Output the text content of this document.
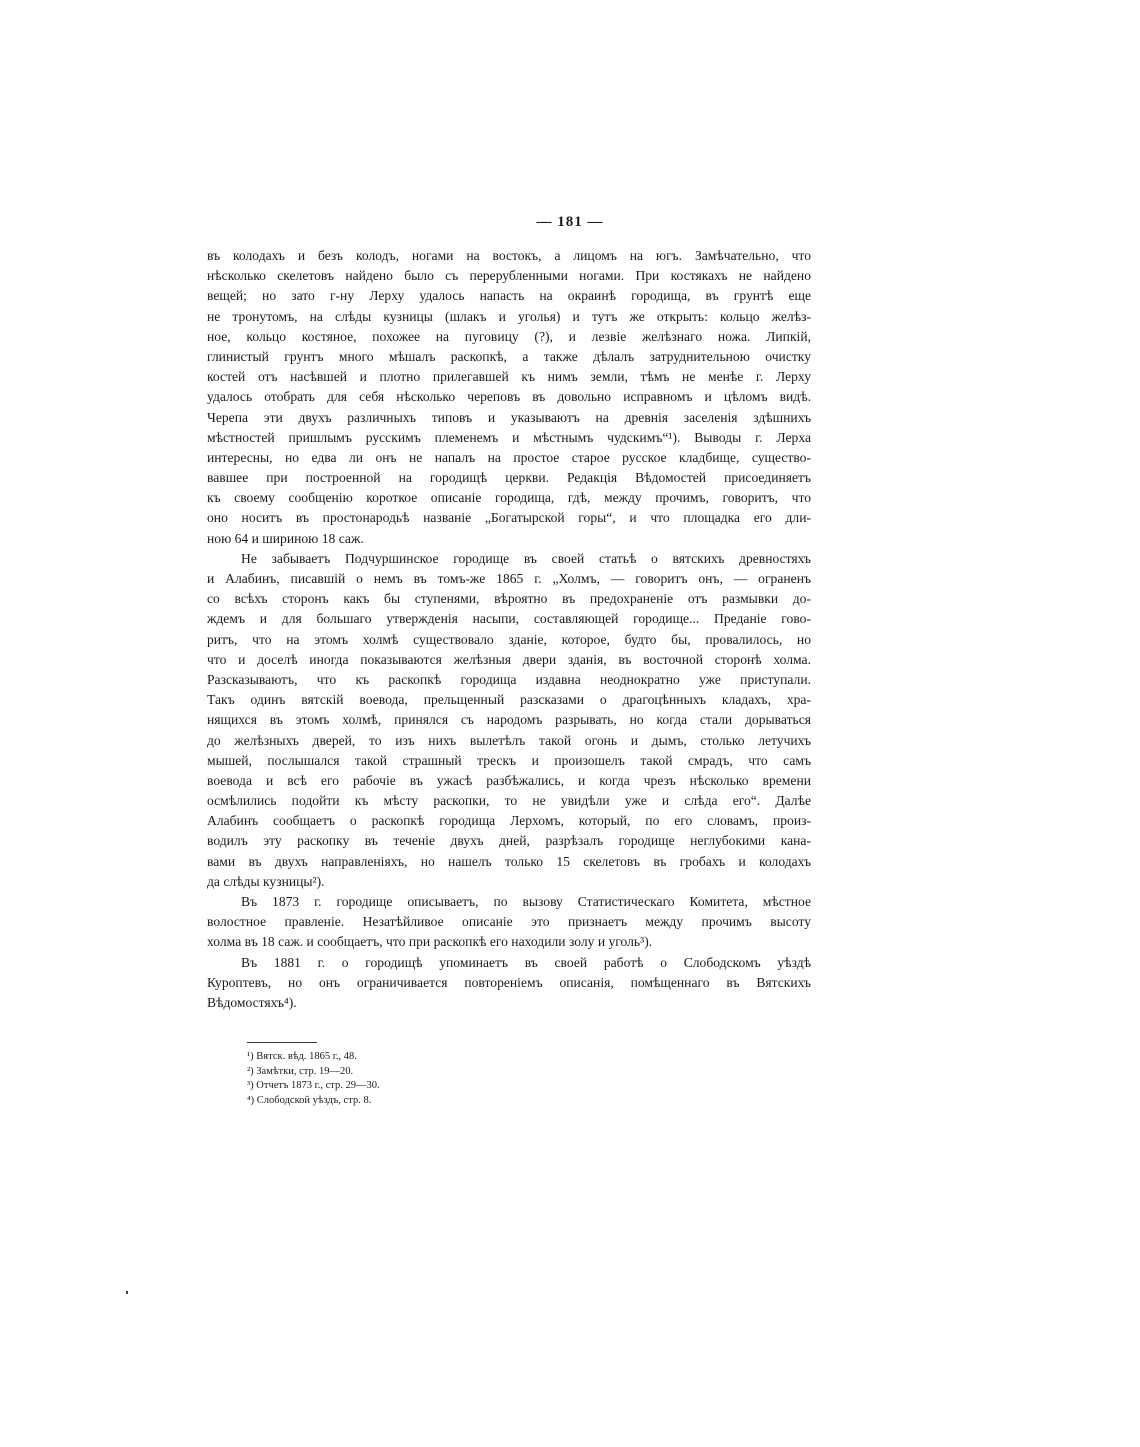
— 181 —
въ колодахъ и безъ колодъ, ногами на востокъ, а лицомъ на югъ. Замѣчательно, что
нѣсколько скелетовъ найдено было съ перерубленными ногами. При костякахъ не найдено
вещей; но зато г-ну Лерху удалось напасть на окраинѣ городища, въ грунтѣ еще
не тронутомъ, на слѣды кузницы (шлакъ и уголья) и тутъ же открыть: кольцо желѣз-
ное, кольцо костяное, похожее на пуговицу (?), и лезвіе желѣзнаго ножа. Липкій,
глинистый грунтъ много мѣшалъ раскопкѣ, а также дѣлалъ затруднительною очистку
костей отъ насѣвшей и плотно прилегавшей къ нимъ земли, тѣмъ не менѣе г. Лерху
удалось отобрать для себя нѣсколько череповъ въ довольно исправномъ и цѣломъ видѣ.
Черепа эти двухъ различныхъ типовъ и указываютъ на древнія заселенія здѣшнихъ
мѣстностей пришлымъ русскимъ племенемъ и мѣстнымъ чудскимъ“¹). Выводы г. Лерха
интересны, но едва ли онъ не напалъ на простое старое русское кладбище, существо-
вавшее при построенной на городищѣ церкви. Редакція Вѣдомостей присоединяетъ
къ своему сообщенію короткое описаніе городища, гдѣ, между прочимъ, говоритъ, что
оно носитъ въ простонародьѣ названіе „Богатырской горы“, и что площадка его дли-
ною 64 и шириною 18 саж.
Не забываетъ Подчуршинское городище въ своей статьѣ о вятскихъ древностяхъ
и Алабинъ, писавшій о немъ въ томъ-же 1865 г. „Холмъ, — говоритъ онъ, — ограненъ
со всѣхъ сторонъ какъ бы ступенями, вѣроятно въ предохраненіе отъ размывки до-
ждемъ и для большаго утвержденія насыпи, составляющей городище... Преданіе гово-
ритъ, что на этомъ холмѣ существовало зданіе, которое, будто бы, провалилось, но
что и доселѣ иногда показываются желѣзныя двери зданія, въ восточной сторонѣ холма.
Разсказываютъ, что къ раскопкѣ городища издавна неоднократно уже приступали.
Такъ одинъ вятскій воевода, прельщенный разсказами о драгоцѣнныхъ кладахъ, хра-
нящихся въ этомъ холмѣ, принялся съ народомъ разрывать, но когда стали дорываться
до желѣзныхъ дверей, то изъ нихъ вылетѣлъ такой огонь и дымъ, столько летучихъ
мышей, послышался такой страшный трескъ и произошелъ такой смрадъ, что самъ
воевода и всѣ его рабочіе въ ужасѣ разбѣжались, и когда чрезъ нѣсколько времени
осмѣлились подойти къ мѣсту раскопки, то не увидѣли уже и слѣда его“. Далѣе
Алабинъ сообщаетъ о раскопкѣ городища Лерхомъ, который, по его словамъ, произ-
водилъ эту раскопку въ теченіе двухъ дней, разрѣзалъ городище неглубокими кана-
вами въ двухъ направленіяхъ, но нашелъ только 15 скелетовъ въ гробахъ и колодахъ
да слѣды кузницы²).
Въ 1873 г. городище описываетъ, по вызову Статистическаго Комитета, мѣстное
волостное правленіе. Незатѣйливое описаніе это признаетъ между прочимъ высоту
холма въ 18 саж. и сообщаетъ, что при раскопкѣ его находили золу и уголь³).
Въ 1881 г. о городищѣ упоминаетъ въ своей работѣ о Слободскомъ уѣздѣ
Куроптевъ, но онъ ограничивается повтореніемъ описанія, помѣщеннаго въ Вятскихъ
Вѣдомостяхъ⁴).
¹) Вятск. вѣд. 1865 г., 48.
²) Замѣтки, стр. 19—20.
³) Отчетъ 1873 г., стр. 29—30.
⁴) Слободской уѣздъ, стр. 8.
